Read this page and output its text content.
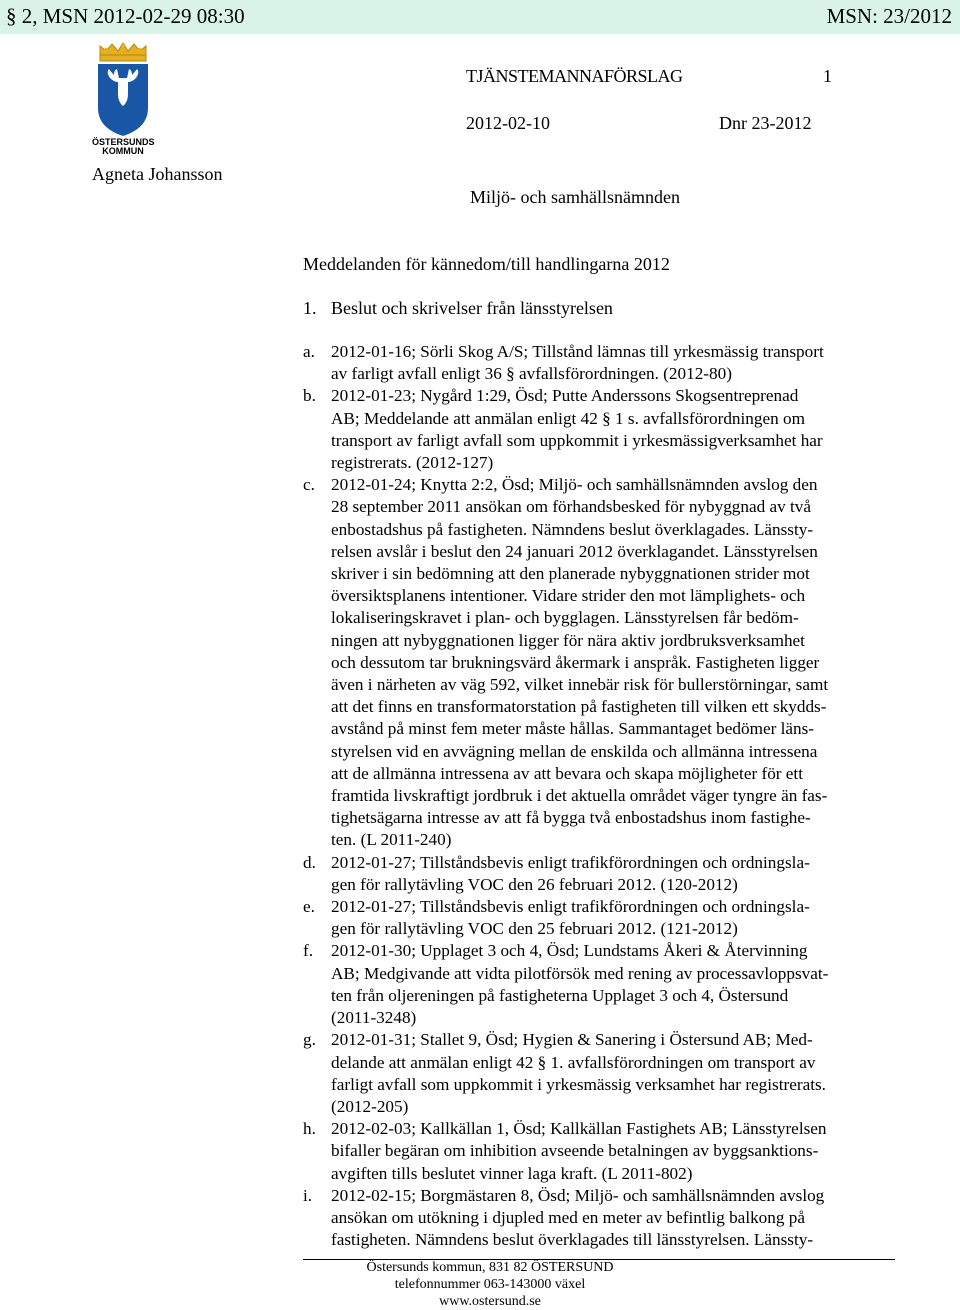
§ 2, MSN 2012-02-29 08:30	MSN: 23/2012
ÖSTERSUNDS
KOMMUN
TJÄNSTEMANNAFÖRSLAG	1
2012-02-10	Dnr 23-2012
Agneta Johansson
Miljö- och samhällsnämnden
Meddelanden för kännedom/till handlingarna 2012
1. Beslut och skrivelser från länsstyrelsen
a. 2012-01-16; Sörli Skog A/S; Tillstånd lämnas till yrkesmässig transport
av farligt avfall enligt 36 § avfallsförordningen. (2012-80)
b. 2012-01-23; Nygård 1:29, Ösd; Putte Anderssons Skogsentreprenad
AB; Meddelande att anmälan enligt 42 § 1 s. avfallsförordningen om
transport av farligt avfall som uppkommit i yrkesmässigverksamhet har
registrerats. (2012-127)
c. 2012-01-24; Knytta 2:2, Ösd; Miljö- och samhällsnämnden avslog den
28 september 2011 ansökan om förhandsbesked för nybyggnad av två
enbostadshus på fastigheten. Nämndens beslut överklagades. Länssty-
relsen avslår i beslut den 24 januari 2012 överklagandet. Länsstyrelsen
skriver i sin bedömning att den planerade nybyggnationen strider mot
översiktsplanens intentioner. Vidare strider den mot lämplighets- och
lokaliseringskravet i plan- och bygglagen. Länsstyrelsen får bedöm-
ningen att nybyggnationen ligger för nära aktiv jordbruksverksamhet
och dessutom tar brukningsvärd åkermark i anspråk. Fastigheten ligger
även i närheten av väg 592, vilket innebär risk för bullerstörningar, samt
att det finns en transformatorstation på fastigheten till vilken ett skydds-
avstånd på minst fem meter måste hållas. Sammantaget bedömer läns-
styrelsen vid en avvägning mellan de enskilda och allmänna intressena
att de allmänna intressena av att bevara och skapa möjligheter för ett
framtida livskraftigt jordbruk i det aktuella området väger tyngre än fas-
tighetsägarna intresse av att få bygga två enbostadshus inom fastighe-
ten. (L 2011-240)
d. 2012-01-27; Tillståndsbevis enligt trafikförordningen och ordningsla-
gen för rallytävling VOC den 26 februari 2012. (120-2012)
e. 2012-01-27; Tillståndsbevis enligt trafikförordningen och ordningsla-
gen för rallytävling VOC den 25 februari 2012. (121-2012)
f. 2012-01-30; Upplaget 3 och 4, Ösd; Lundstams Åkeri & Återvinning
AB; Medgivande att vidta pilotförsök med rening av processavloppsvat-
ten från oljereningen på fastigheterna Upplaget 3 och 4, Östersund
(2011-3248)
g. 2012-01-31; Stallet 9, Ösd; Hygien & Sanering i Östersund AB; Med-
delande att anmälan enligt 42 § 1. avfallsförordningen om transport av
farligt avfall som uppkommit i yrkesmässig verksamhet har registrerats.
(2012-205)
h. 2012-02-03; Kallkällan 1, Ösd; Kallkällan Fastighets AB; Länsstyrelsen
bifaller begäran om inhibition avseende betalningen av byggsanktions-
avgiften tills beslutet vinner laga kraft. (L 2011-802)
i. 2012-02-15; Borgmästaren 8, Ösd; Miljö- och samhällsnämnden avslog
ansökan om utökning i djupled med en meter av befintlig balkong på
fastigheten. Nämndens beslut överklagades till länsstyrelsen. Länssty-
Östersunds kommun, 831 82 ÖSTERSUND
telefonnummer 063-143000 växel
www.ostersund.se
